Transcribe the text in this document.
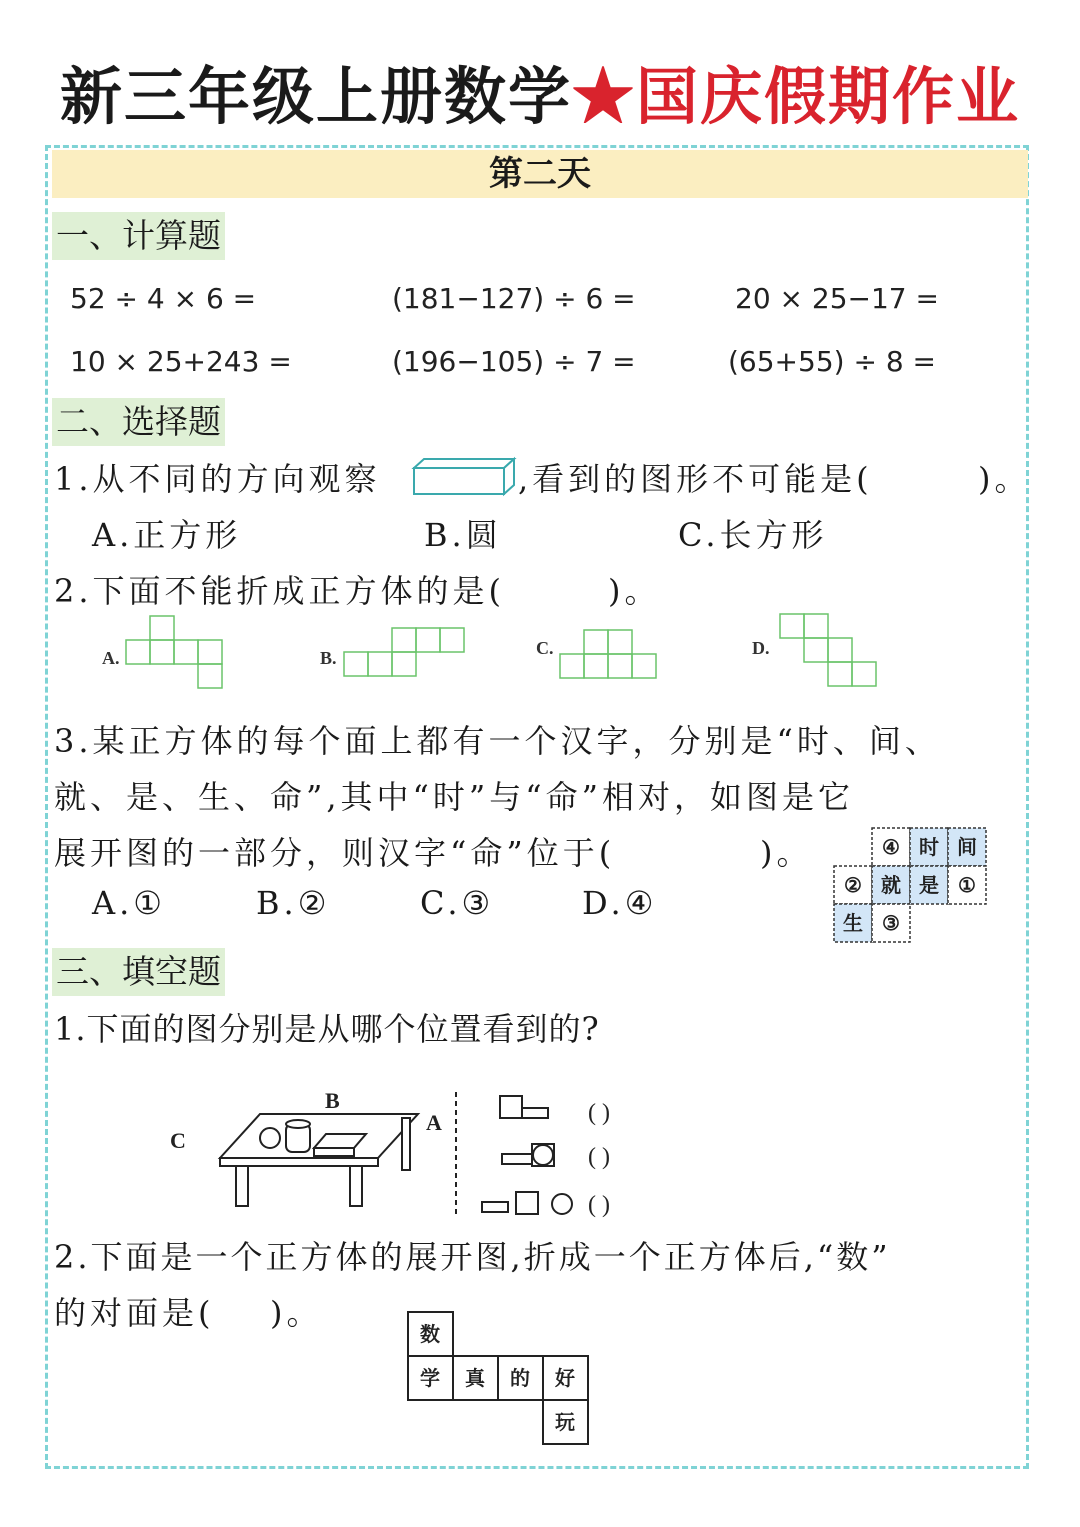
新三年级上册数学★国庆假期作业
第二天
一、计算题
52 ÷ 4 × 6 =	(181−127) ÷ 6 =	20 × 25−17 =
10 × 25+243 =	(196−105) ÷ 7 =	(65+55) ÷ 8 =
二、选择题
1.从不同的方向观察	,看到的图形不可能是(	)。
A.正方形	B.圆	C.长方形
2.下面不能折成正方体的是(	)。
A.	B.	C.	D.
3.某正方体的每个面上都有一个汉字，分别是“时、间、
就、是、生、命”,其中“时”与“命”相对，如图是它
展开图的一部分，则汉字“命”位于(	)。
A.①	B.②	C.③	D.④
④ 时 间
② 就 是 ①
生 ③
三、填空题
1.下面的图分别是从哪个位置看到的?
B
C
A	( )
( )
( )
2.下面是一个正方体的展开图,折成一个正方体后,“数”
的对面是( )。
数
学 真 的 好
玩
